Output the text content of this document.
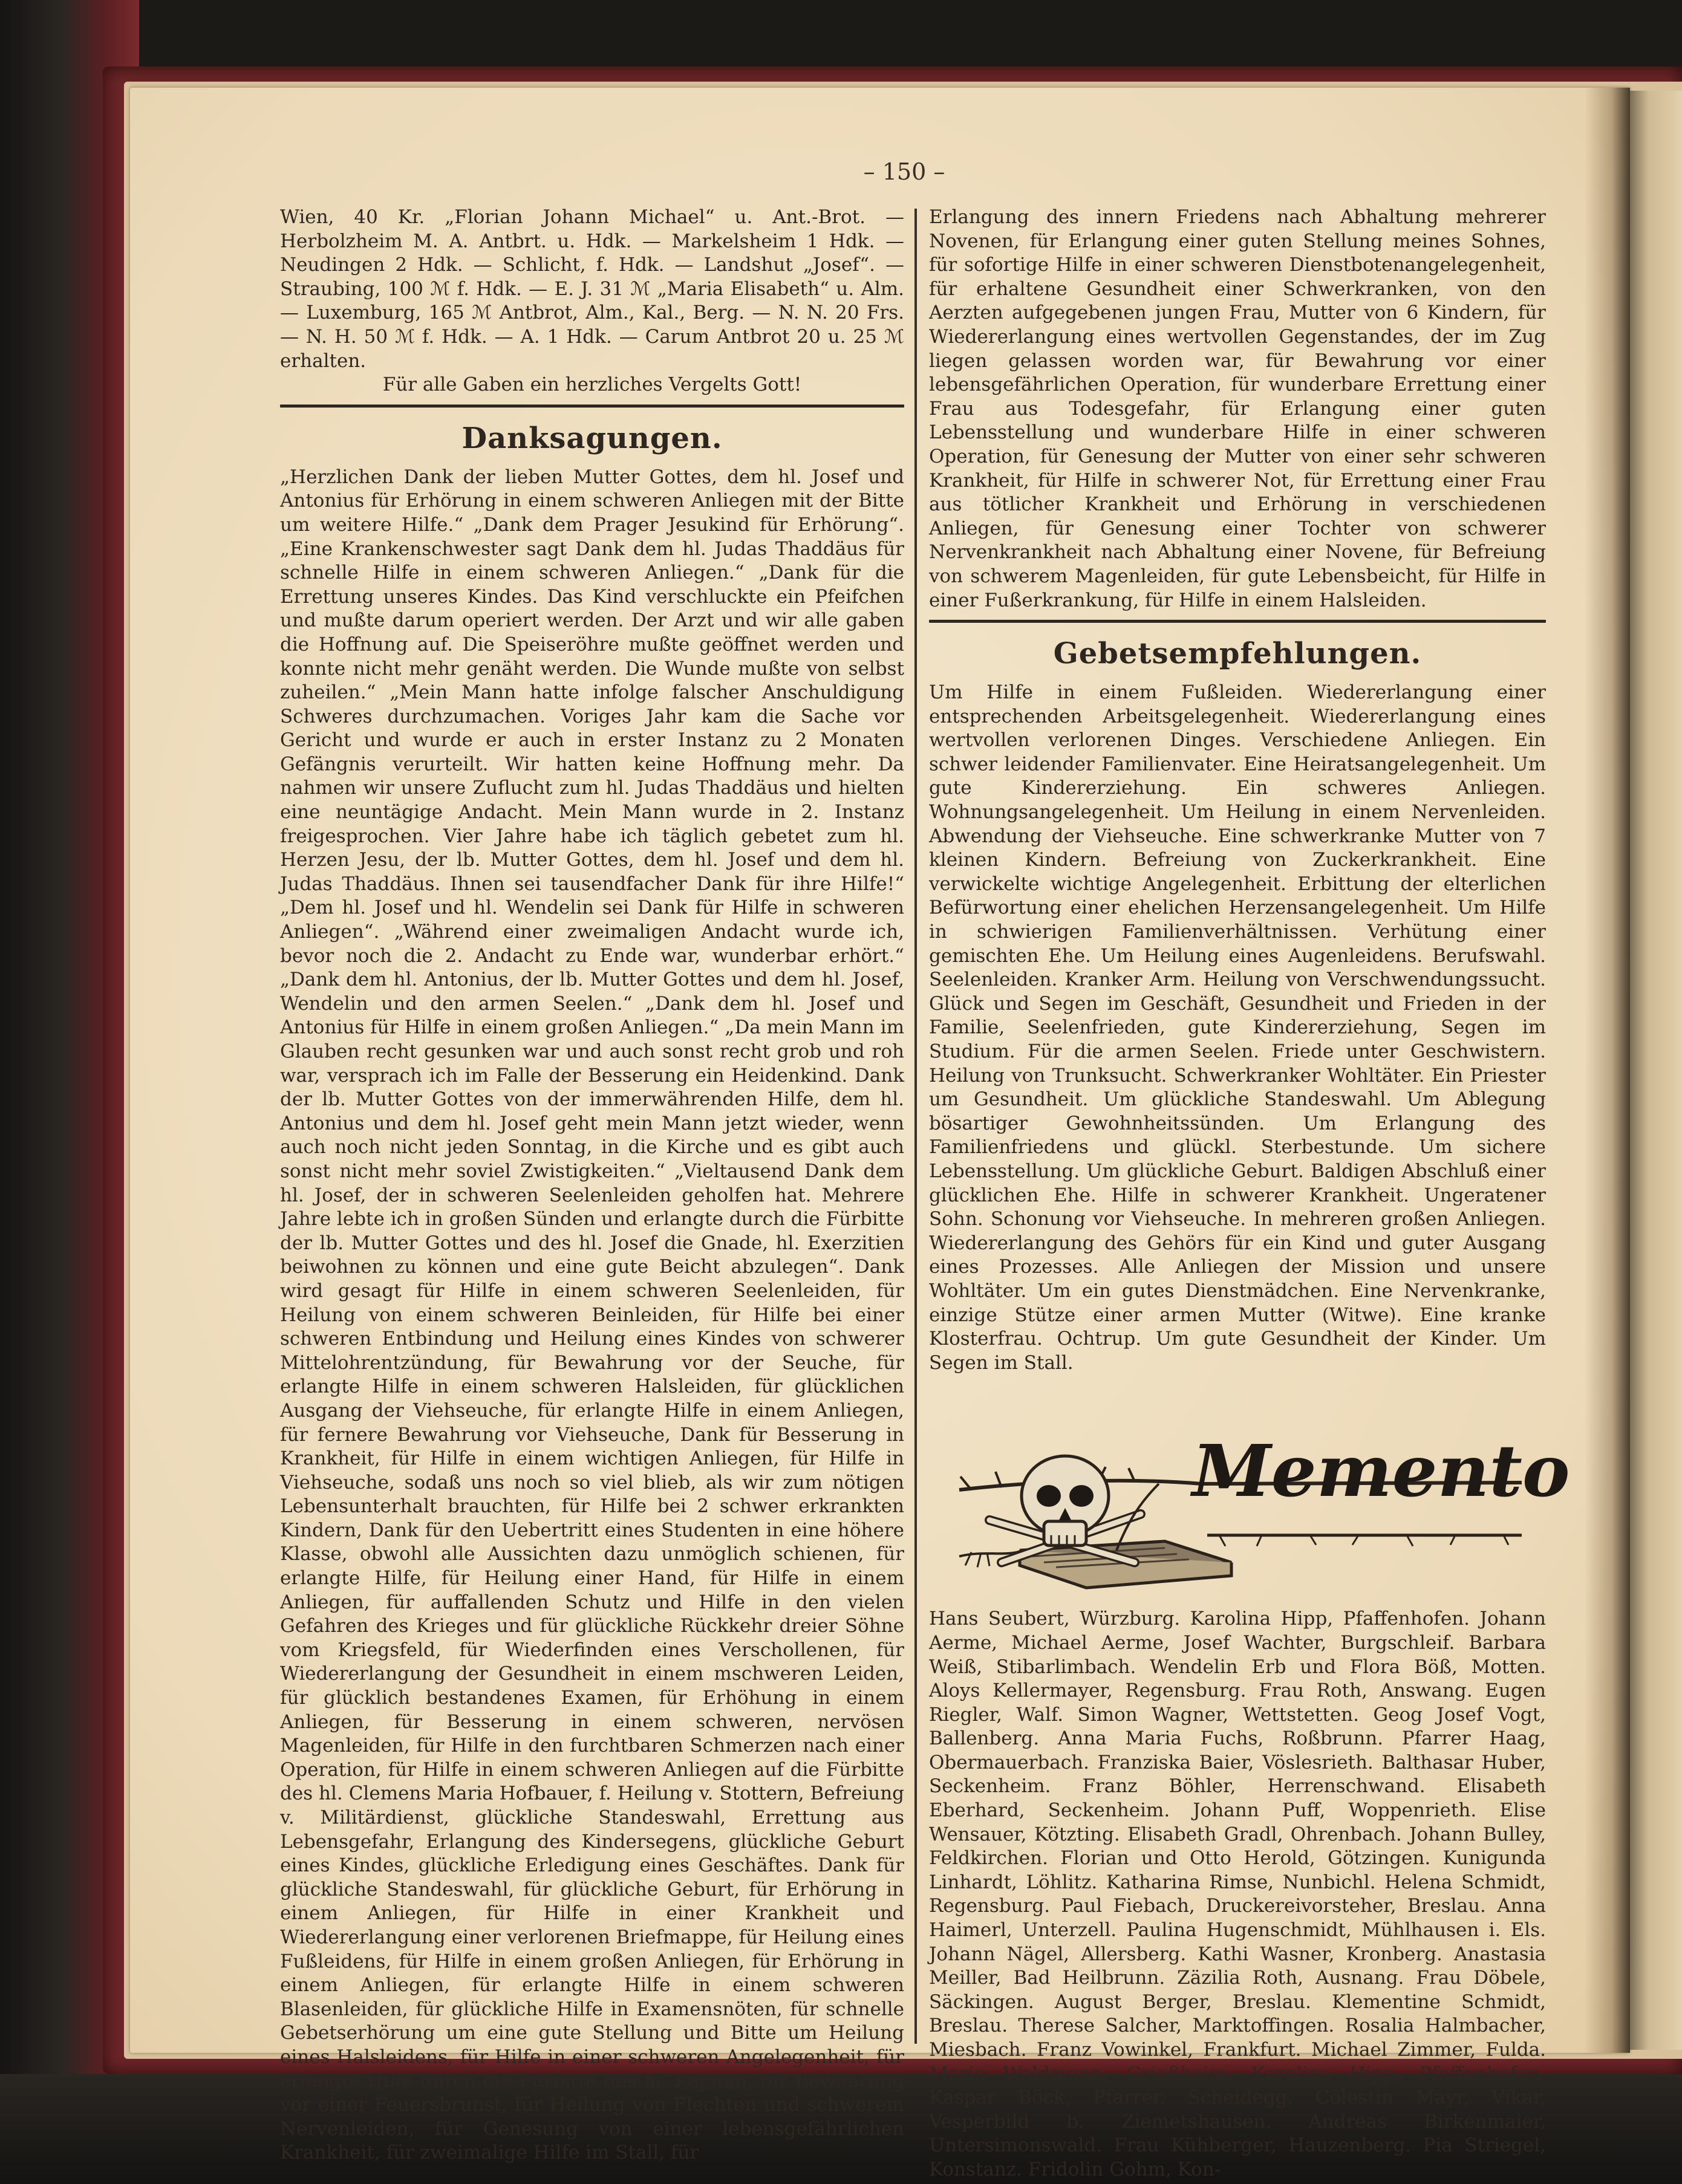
– 150 –

Wien, 40 Kr. „Florian Johann Michael“ u. Ant.-Brot. — Herbolzheim M. A. Antbrt. u. Hdk. — Markelsheim 1 Hdk. — Neudingen 2 Hdk. — Schlicht, f. Hdk. — Landshut „Josef“. — Straubing, 100 ℳ f. Hdk. — E. J. 31 ℳ „Maria Elisabeth“ u. Alm. — Luxemburg, 165 ℳ Antbrot, Alm., Kal., Berg. — N. N. 20 Frs. — N. H. 50 ℳ f. Hdk. — A. 1 Hdk. — Carum Antbrot 20 u. 25 ℳ erhalten.

Für alle Gaben ein herzliches Vergelts Gott!

Danksagungen.

„Herzlichen Dank der lieben Mutter Gottes, dem hl. Josef und Antonius für Erhörung in einem schweren Anliegen mit der Bitte um weitere Hilfe.“ „Dank dem Prager Jesukind für Erhörung“. „Eine Krankenschwester sagt Dank dem hl. Judas Thaddäus für schnelle Hilfe in einem schweren Anliegen.“ „Dank für die Errettung unseres Kindes. Das Kind verschluckte ein Pfeifchen und mußte darum operiert werden. Der Arzt und wir alle gaben die Hoffnung auf. Die Speiseröhre mußte geöffnet werden und konnte nicht mehr genäht werden. Die Wunde mußte von selbst zuheilen.“ „Mein Mann hatte infolge falscher Anschuldigung Schweres durchzumachen. Voriges Jahr kam die Sache vor Gericht und wurde er auch in erster Instanz zu 2 Monaten Gefängnis verurteilt. Wir hatten keine Hoffnung mehr. Da nahmen wir unsere Zuflucht zum hl. Judas Thaddäus und hielten eine neuntägige Andacht. Mein Mann wurde in 2. Instanz freigesprochen. Vier Jahre habe ich täglich gebetet zum hl. Herzen Jesu, der lb. Mutter Gottes, dem hl. Josef und dem hl. Judas Thaddäus. Ihnen sei tausendfacher Dank für ihre Hilfe!“ „Dem hl. Josef und hl. Wendelin sei Dank für Hilfe in schweren Anliegen“. „Während einer zweimaligen Andacht wurde ich, bevor noch die 2. Andacht zu Ende war, wunderbar erhört.“ „Dank dem hl. Antonius, der lb. Mutter Gottes und dem hl. Josef, Wendelin und den armen Seelen.“ „Dank dem hl. Josef und Antonius für Hilfe in einem großen Anliegen.“ „Da mein Mann im Glauben recht gesunken war und auch sonst recht grob und roh war, versprach ich im Falle der Besserung ein Heidenkind. Dank der lb. Mutter Gottes von der immerwährenden Hilfe, dem hl. Antonius und dem hl. Josef geht mein Mann jetzt wieder, wenn auch noch nicht jeden Sonntag, in die Kirche und es gibt auch sonst nicht mehr soviel Zwistigkeiten.“ „Vieltausend Dank dem hl. Josef, der in schweren Seelenleiden geholfen hat. Mehrere Jahre lebte ich in großen Sünden und erlangte durch die Fürbitte der lb. Mutter Gottes und des hl. Josef die Gnade, hl. Exerzitien beiwohnen zu können und eine gute Beicht abzulegen“. Dank wird gesagt für Hilfe in einem schweren Seelenleiden, für Heilung von einem schweren Beinleiden, für Hilfe bei einer schweren Entbindung und Heilung eines Kindes von schwerer Mittelohrentzündung, für Bewahrung vor der Seuche, für erlangte Hilfe in einem schweren Halsleiden, für glücklichen Ausgang der Viehseuche, für erlangte Hilfe in einem Anliegen, für fernere Bewahrung vor Viehseuche, Dank für Besserung in Krankheit, für Hilfe in einem wichtigen Anliegen, für Hilfe in Viehseuche, sodaß uns noch so viel blieb, als wir zum nötigen Lebensunterhalt brauchten, für Hilfe bei 2 schwer erkrankten Kindern, Dank für den Uebertritt eines Studenten in eine höhere Klasse, obwohl alle Aussichten dazu unmöglich schienen, für erlangte Hilfe, für Heilung einer Hand, für Hilfe in einem Anliegen, für auffallenden Schutz und Hilfe in den vielen Gefahren des Krieges und für glückliche Rückkehr dreier Söhne vom Kriegsfeld, für Wiederfinden eines Verschollenen, für Wiedererlangung der Gesundheit in einem mschweren Leiden, für glücklich bestandenes Examen, für Erhöhung in einem Anliegen, für Besserung in einem schweren, nervösen Magenleiden, für Hilfe in den furchtbaren Schmerzen nach einer Operation, für Hilfe in einem schweren Anliegen auf die Fürbitte des hl. Clemens Maria Hofbauer, f. Heilung v. Stottern, Befreiung v. Militärdienst, glückliche Standeswahl, Errettung aus Lebensgefahr, Erlangung des Kindersegens, glückliche Geburt eines Kindes, glückliche Erledigung eines Geschäftes. Dank für glückliche Standeswahl, für glückliche Geburt, für Erhörung in einem Anliegen, für Hilfe in einer Krankheit und Wiedererlangung einer verlorenen Briefmappe, für Heilung eines Fußleidens, für Hilfe in einem großen Anliegen, für Erhörung in einem Anliegen, für erlangte Hilfe in einem schweren Blasenleiden, für glückliche Hilfe in Examensnöten, für schnelle Gebetserhörung um eine gute Stellung und Bitte um Heilung eines Halsleidens, für Hilfe in einer schweren Angelegenheit, für erlangte Hilfe durch die Fürbitte des hl. Kajetan, für Bewahrung vor einer Feuersbrunst, für Heilung von Flechten und schwerem Nervenleiden, für Genesung von einer lebensgefährlichen Krankheit, für zweimalige Hilfe im Stall, für

Erlangung des innern Friedens nach Abhaltung mehrerer Novenen, für Erlangung einer guten Stellung meines Sohnes, für sofortige Hilfe in einer schweren Dienstbotenangelegenheit, für erhaltene Gesundheit einer Schwerkranken, von den Aerzten aufgegebenen jungen Frau, Mutter von 6 Kindern, für Wiedererlangung eines wertvollen Gegenstandes, der im Zug liegen gelassen worden war, für Bewahrung vor einer lebensgefährlichen Operation, für wunderbare Errettung einer Frau aus Todesgefahr, für Erlangung einer guten Lebensstellung und wunderbare Hilfe in einer schweren Operation, für Genesung der Mutter von einer sehr schweren Krankheit, für Hilfe in schwerer Not, für Errettung einer Frau aus tötlicher Krankheit und Erhörung in verschiedenen Anliegen, für Genesung einer Tochter von schwerer Nervenkrankheit nach Abhaltung einer Novene, für Befreiung von schwerem Magenleiden, für gute Lebensbeicht, für Hilfe in einer Fußerkrankung, für Hilfe in einem Halsleiden.

Gebetsempfehlungen.

Um Hilfe in einem Fußleiden. Wiedererlangung einer entsprechenden Arbeitsgelegenheit. Wiedererlangung eines wertvollen verlorenen Dinges. Verschiedene Anliegen. Ein schwer leidender Familienvater. Eine Heiratsangelegenheit. Um gute Kindererziehung. Ein schweres Anliegen. Wohnungsangelegenheit. Um Heilung in einem Nervenleiden. Abwendung der Viehseuche. Eine schwerkranke Mutter von 7 kleinen Kindern. Befreiung von Zuckerkrankheit. Eine verwickelte wichtige Angelegenheit. Erbittung der elterlichen Befürwortung einer ehelichen Herzensangelegenheit. Um Hilfe in schwierigen Familienverhältnissen. Verhütung einer gemischten Ehe. Um Heilung eines Augenleidens. Berufswahl. Seelenleiden. Kranker Arm. Heilung von Verschwendungssucht. Glück und Segen im Geschäft, Gesundheit und Frieden in der Familie, Seelenfrieden, gute Kindererziehung, Segen im Studium. Für die armen Seelen. Friede unter Geschwistern. Heilung von Trunksucht. Schwerkranker Wohltäter. Ein Priester um Gesundheit. Um glückliche Standeswahl. Um Ablegung bösartiger Gewohnheitssünden. Um Erlangung des Familienfriedens und glückl. Sterbestunde. Um sichere Lebensstellung. Um glückliche Geburt. Baldigen Abschluß einer glücklichen Ehe. Hilfe in schwerer Krankheit. Ungeratener Sohn. Schonung vor Viehseuche. In mehreren großen Anliegen. Wiedererlangung des Gehörs für ein Kind und guter Ausgang eines Prozesses. Alle Anliegen der Mission und unsere Wohltäter. Um ein gutes Dienstmädchen. Eine Nervenkranke, einzige Stütze einer armen Mutter (Witwe). Eine kranke Klosterfrau. Ochtrup. Um gute Gesundheit der Kinder. Um Segen im Stall.

Memento

Hans Seubert, Würzburg. Karolina Hipp, Pfaffenhofen. Johann Aerme, Michael Aerme, Josef Wachter, Burgschleif. Barbara Weiß, Stibarlimbach. Wendelin Erb und Flora Böß, Motten. Aloys Kellermayer, Regensburg. Frau Roth, Answang. Eugen Riegler, Walf. Simon Wagner, Wettstetten. Geog Josef Vogt, Ballenberg. Anna Maria Fuchs, Roßbrunn. Pfarrer Haag, Obermauerbach. Franziska Baier, Vöslesrieth. Balthasar Huber, Seckenheim. Franz Böhler, Herrenschwand. Elisabeth Eberhard, Seckenheim. Johann Puff, Woppenrieth. Elise Wensauer, Kötzting. Elisabeth Gradl, Ohrenbach. Johann Bulley, Feldkirchen. Florian und Otto Herold, Götzingen. Kunigunda Linhardt, Löhlitz. Katharina Rimse, Nunbichl. Helena Schmidt, Regensburg. Paul Fiebach, Druckereivorsteher, Breslau. Anna Haimerl, Unterzell. Paulina Hugenschmidt, Mühlhausen i. Els. Johann Nägel, Allersberg. Kathi Wasner, Kronberg. Anastasia Meiller, Bad Heilbrunn. Zäzilia Roth, Ausnang. Frau Döbele, Säckingen. August Berger, Breslau. Klementine Schmidt, Breslau. Therese Salcher, Marktoffingen. Rosalia Halmbacher, Miesbach. Franz Vowinkel, Frankfurt. Michael Zimmer, Fulda. Maria Waldmann, Grießheim. Karolina Hipp, Pfaffenhofen. Kaspar Böck, Pfarrer, Scheidegg. Cölestin Mayr, Vikar, Vesperbild b. Ziemetshausen. Andreas Birkenmaier, Untersimonswald. Frau Kühberger, Hauzenberg. Pia Striegel, Konstanz. Fridolin Gohm, Kon-
